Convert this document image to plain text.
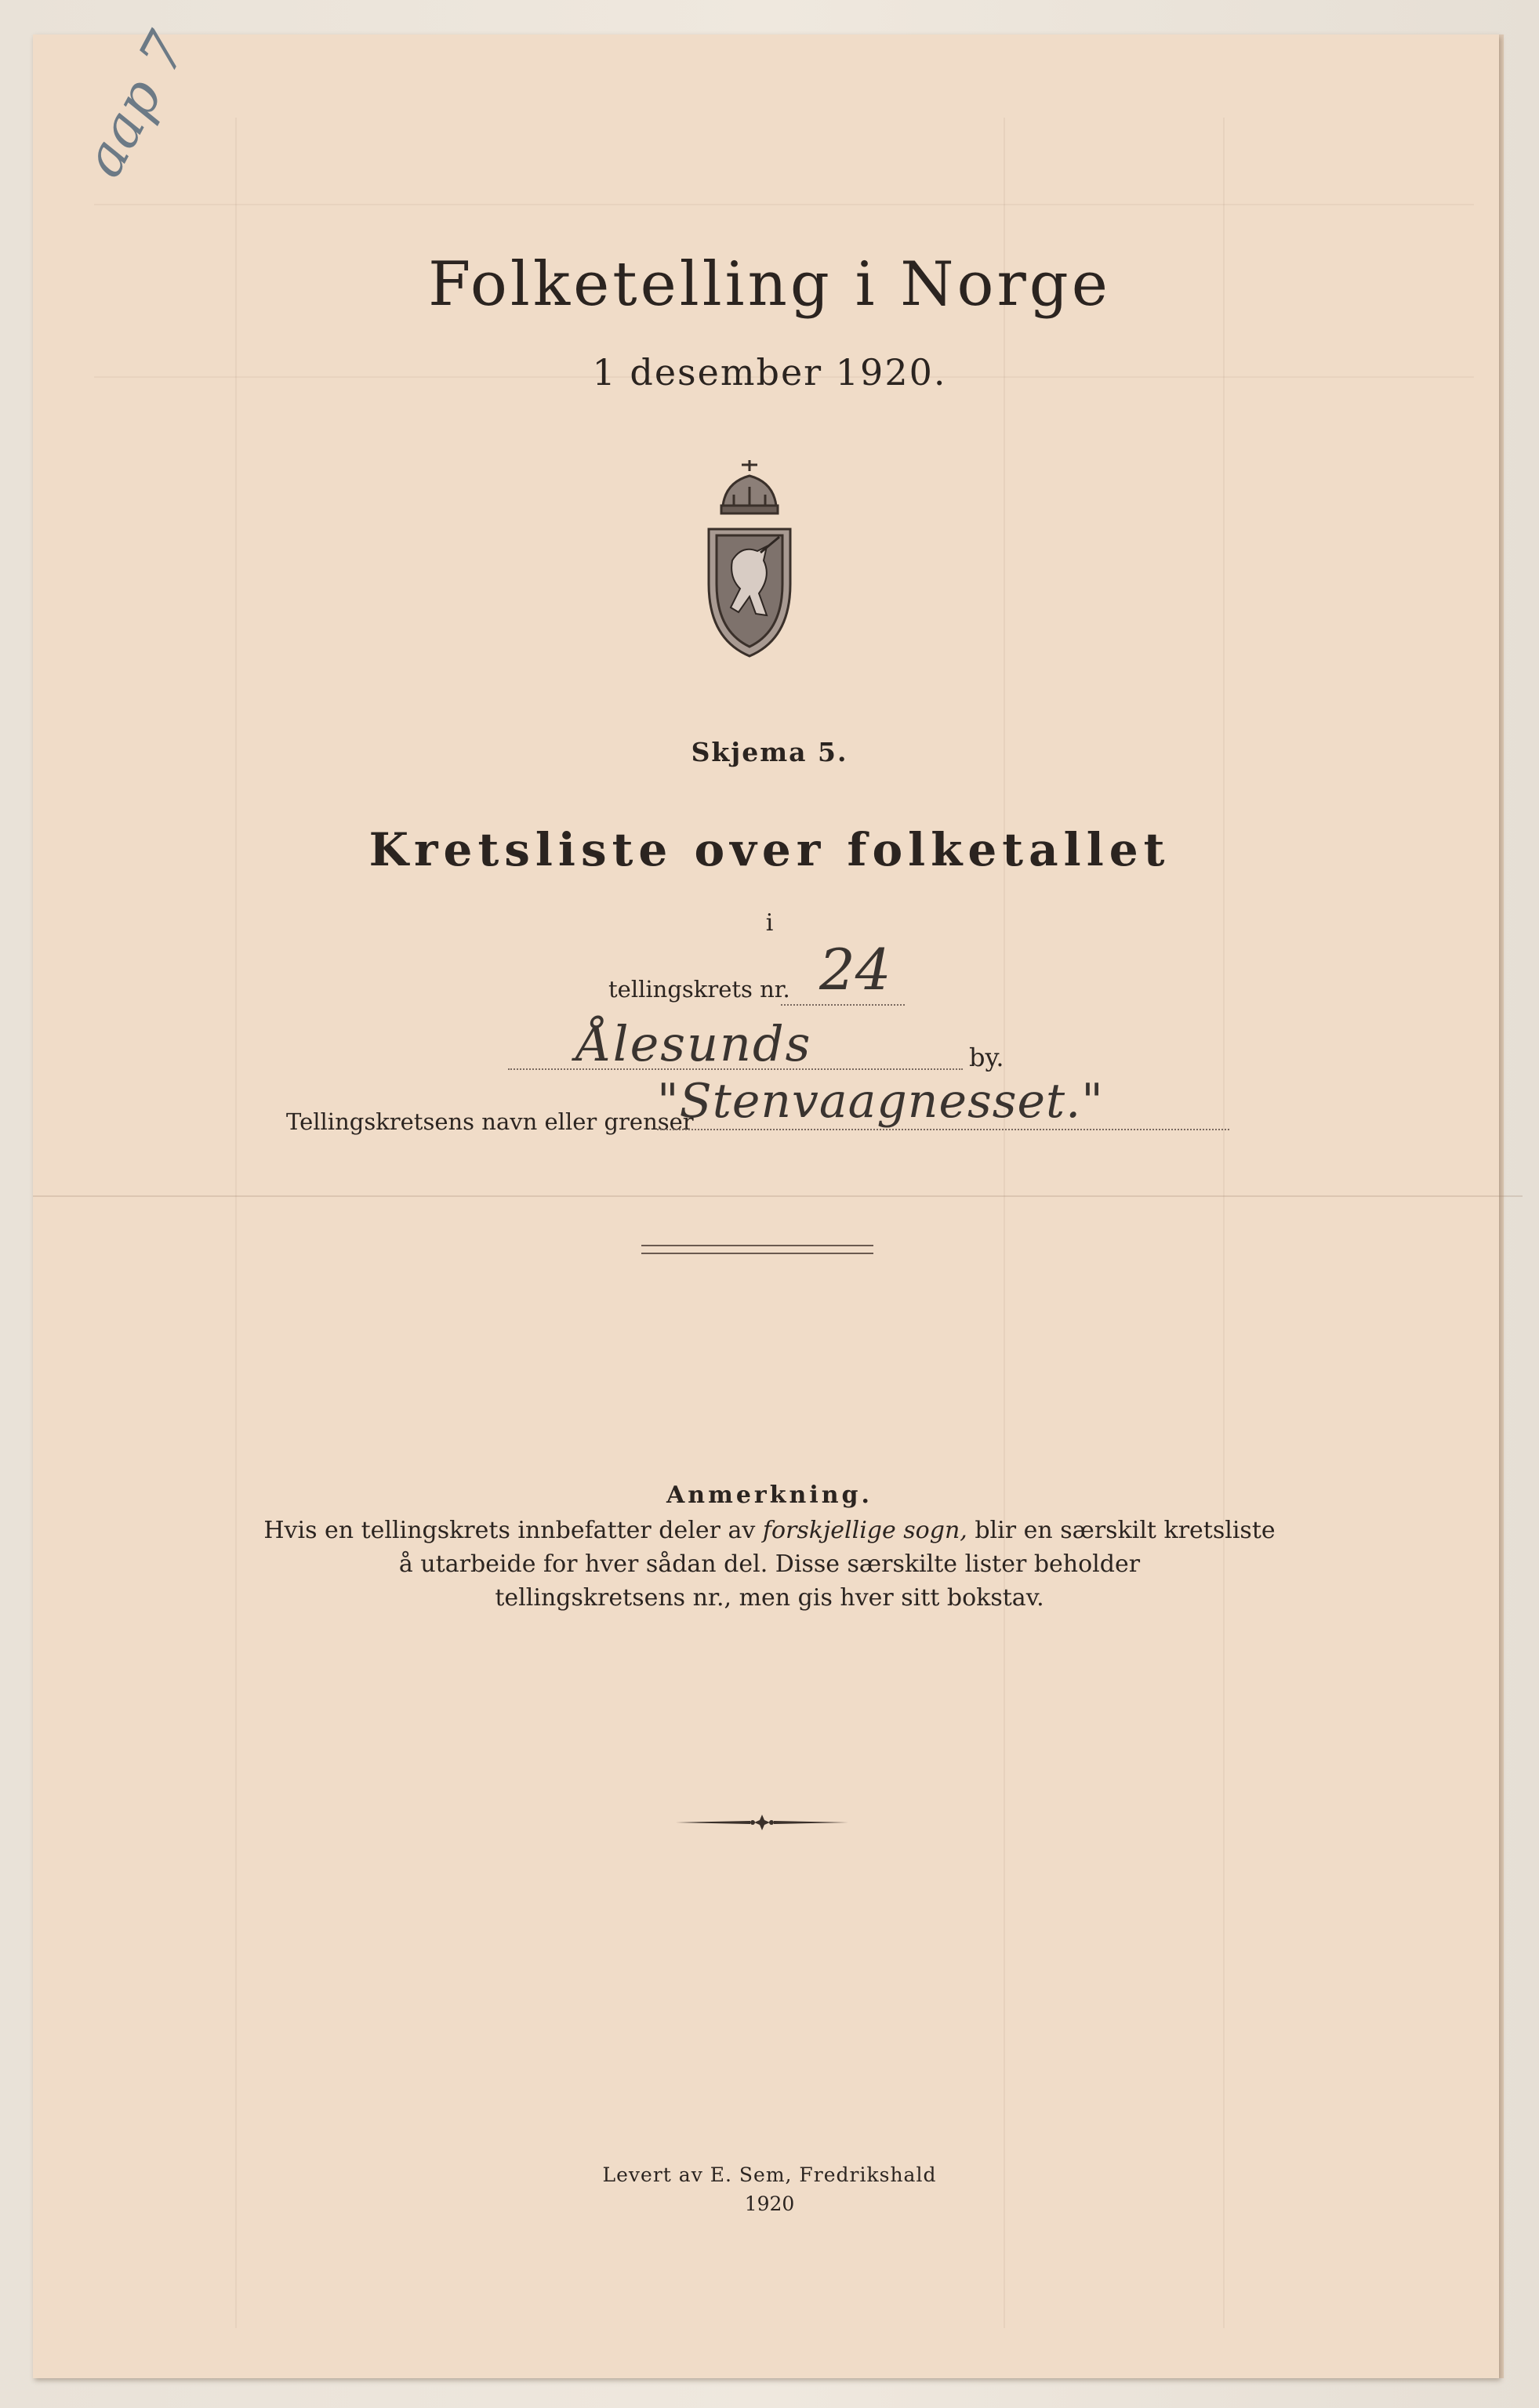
aap 7
Folketelling i Norge
1 desember 1920.
Skjema 5.
Kretsliste over folketallet
i
tellingskrets nr. 24
Ålesunds	by.
Tellingskretsens navn eller grenser
"Stenvaagnesset."
Anmerkning.
Hvis en tellingskrets innbefatter deler av forskjellige sogn, blir en særskilt kretsliste
å utarbeide for hver sådan del. Disse særskilte lister beholder
tellingskretsens nr., men gis hver sitt bokstav.
Levert av E. Sem, Fredrikshald
1920
